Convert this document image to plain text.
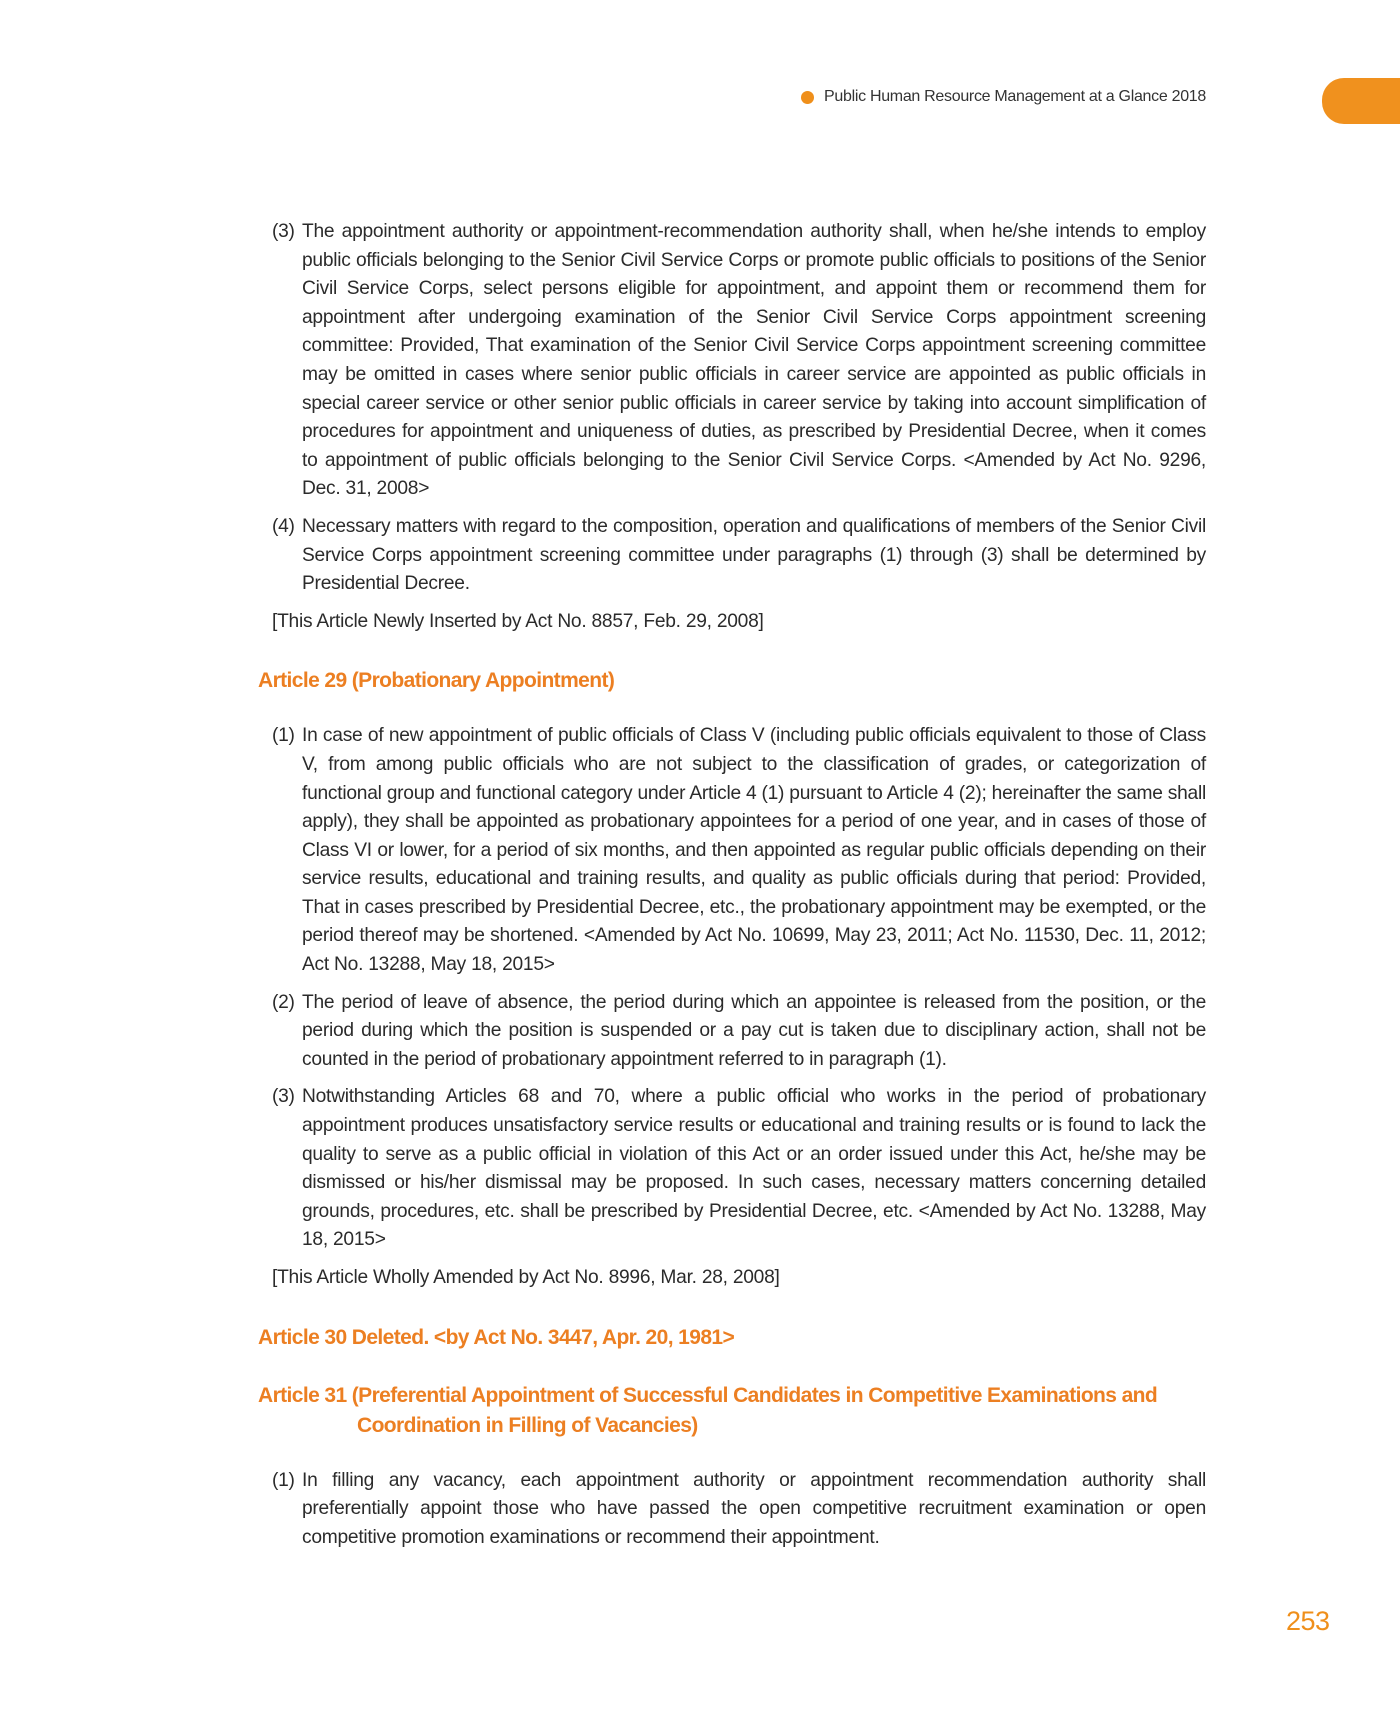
Public Human Resource Management at a Glance 2018
(3) The appointment authority or appointment-recommendation authority shall, when he/she intends to employ public officials belonging to the Senior Civil Service Corps or promote public officials to positions of the Senior Civil Service Corps, select persons eligible for appointment, and appoint them or recommend them for appointment after undergoing examination of the Senior Civil Service Corps appointment screening committee: Provided, That examination of the Senior Civil Service Corps appointment screening committee may be omitted in cases where senior public officials in career service are appointed as public officials in special career service or other senior public officials in career service by taking into account simplification of procedures for appointment and uniqueness of duties, as prescribed by Presidential Decree, when it comes to appointment of public officials belonging to the Senior Civil Service Corps. <Amended by Act No. 9296, Dec. 31, 2008>
(4) Necessary matters with regard to the composition, operation and qualifications of members of the Senior Civil Service Corps appointment screening committee under paragraphs (1) through (3) shall be determined by Presidential Decree.
[This Article Newly Inserted by Act No. 8857, Feb. 29, 2008]
Article 29 (Probationary Appointment)
(1) In case of new appointment of public officials of Class V (including public officials equivalent to those of Class V, from among public officials who are not subject to the classification of grades, or categorization of functional group and functional category under Article 4 (1) pursuant to Article 4 (2); hereinafter the same shall apply), they shall be appointed as probationary appointees for a period of one year, and in cases of those of Class VI or lower, for a period of six months, and then appointed as regular public officials depending on their service results, educational and training results, and quality as public officials during that period: Provided, That in cases prescribed by Presidential Decree, etc., the probationary appointment may be exempted, or the period thereof may be shortened. <Amended by Act No. 10699, May 23, 2011; Act No. 11530, Dec. 11, 2012; Act No. 13288, May 18, 2015>
(2) The period of leave of absence, the period during which an appointee is released from the position, or the period during which the position is suspended or a pay cut is taken due to disciplinary action, shall not be counted in the period of probationary appointment referred to in paragraph (1).
(3) Notwithstanding Articles 68 and 70, where a public official who works in the period of probationary appointment produces unsatisfactory service results or educational and training results or is found to lack the quality to serve as a public official in violation of this Act or an order issued under this Act, he/she may be dismissed or his/her dismissal may be proposed. In such cases, necessary matters concerning detailed grounds, procedures, etc. shall be prescribed by Presidential Decree, etc. <Amended by Act No. 13288, May 18, 2015>
[This Article Wholly Amended by Act No. 8996, Mar. 28, 2008]
Article 30 Deleted. <by Act No. 3447, Apr. 20, 1981>
Article 31 (Preferential Appointment of Successful Candidates in Competitive Examinations and
Coordination in Filling of Vacancies)
(1) In filling any vacancy, each appointment authority or appointment recommendation authority shall preferentially appoint those who have passed the open competitive recruitment examination or open competitive promotion examinations or recommend their appointment.
253
